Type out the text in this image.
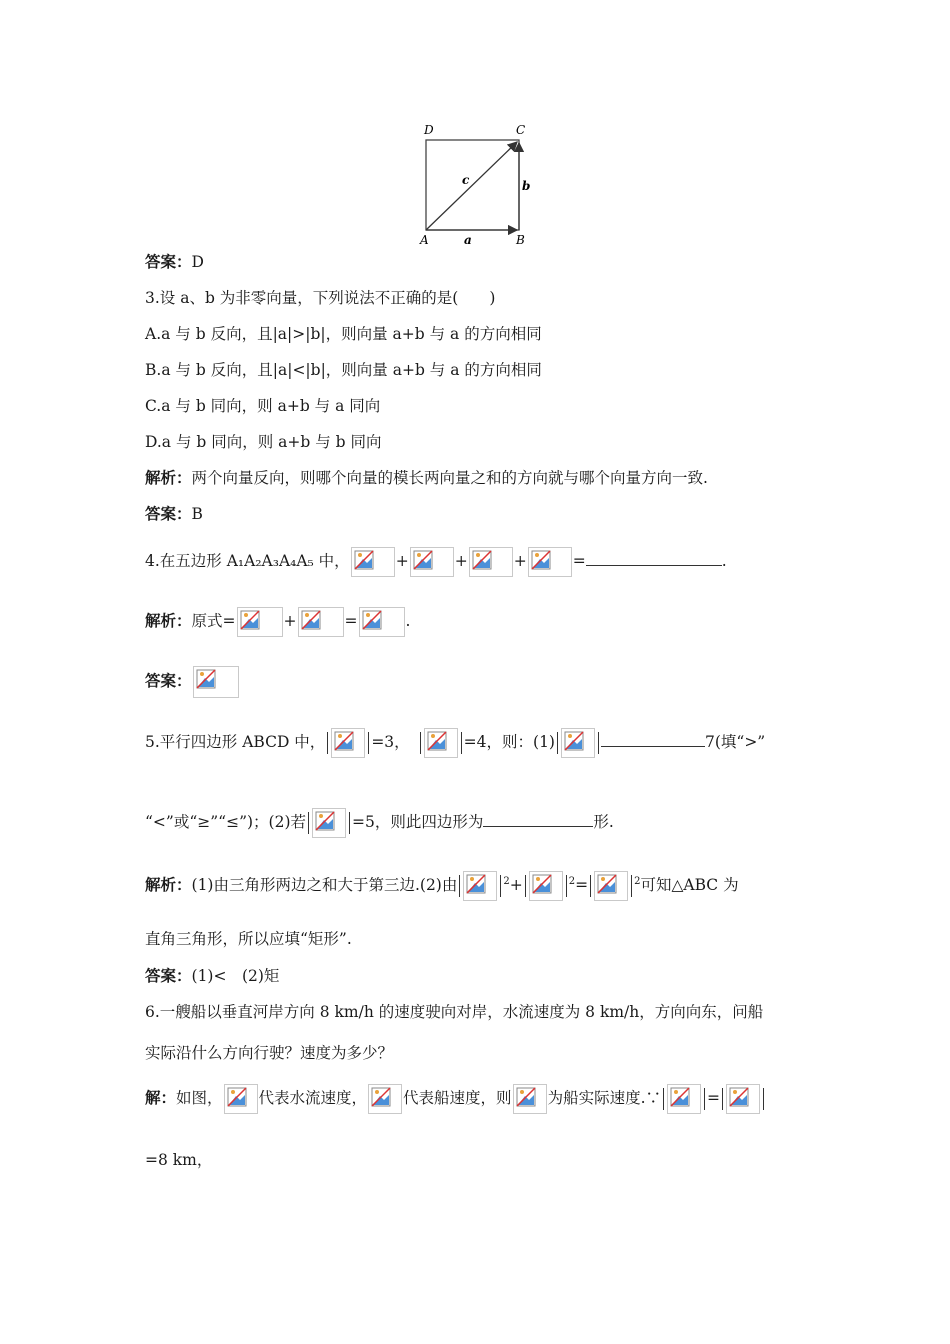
D	C
A	B
a
b
c
答案：D
3.设 a、b 为非零向量，下列说法不正确的是(　　)
A.a 与 b 反向，且|a|>|b|，则向量 a+b 与 a 的方向相同
B.a 与 b 反向，且|a|<|b|，则向量 a+b 与 a 的方向相同
C.a 与 b 同向，则 a+b 与 a 同向
D.a 与 b 同向，则 a+b 与 b 同向
解析：两个向量反向，则哪个向量的模长两向量之和的方向就与哪个向量方向一致.
答案：B
4.在五边形 A₁A₂A₃A₄A₅ 中，	+	+	+	=	.
解析：原式=	+	=	.
答案：
5.平行四边形 ABCD 中，	=3，	=4，则：(1)	7(填“>”
“<”或“≥”“≤”)；(2)若	=5，则此四边形为	形.
解析：(1)由三角形两边之和大于第三边.(2)由	$^2$+	$^2$=	$^2$可知△ABC 为
直角三角形，所以应填“矩形”.
答案：(1)<　(2)矩
6.一艘船以垂直河岸方向 8 km/h 的速度驶向对岸，水流速度为 8 km/h，方向向东，问船
实际沿什么方向行驶？速度为多少？
解：如图， 代表水流速度， 代表船速度，则 为船实际速度.∵	=
=8 km，
